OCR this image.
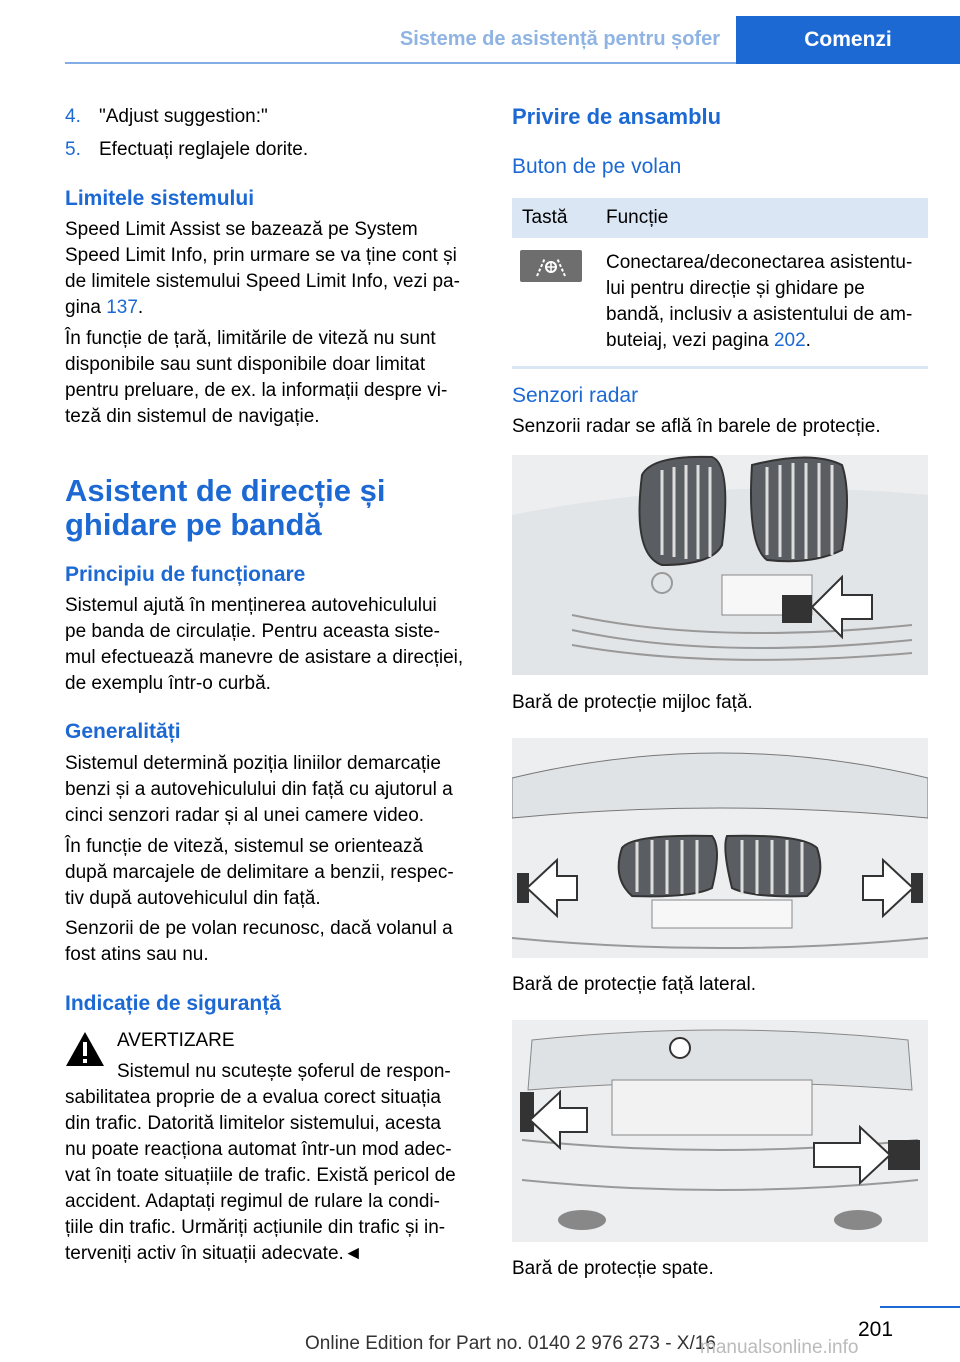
Sisteme de asistență pentru șofer	Comenzi
4. "Adjust suggestion:"
5. Efectuați reglajele dorite.
Limitele sistemului
Speed Limit Assist se bazează pe System
Speed Limit Info, prin urmare se va ține cont și
de limitele sistemului Speed Limit Info, vezi pa‐
gina 137.
În funcție de țară, limitările de viteză nu sunt
disponibile sau sunt disponibile doar limitat
pentru preluare, de ex. la informații despre vi‐
teză din sistemul de navigație.
Asistent de direcție și
ghidare pe bandă
Principiu de funcționare
Sistemul ajută în menținerea autovehiculului
pe banda de circulație. Pentru aceasta siste‐
mul efectuează manevre de asistare a direcției,
de exemplu într-o curbă.
Generalități
Sistemul determină poziția liniilor demarcație
benzi și a autovehiculului din față cu ajutorul a
cinci senzori radar și al unei camere video.
În funcție de viteză, sistemul se orientează
după marcajele de delimitare a benzii, respec‐
tiv după autovehiculul din față.
Senzorii de pe volan recunosc, dacă volanul a
fost atins sau nu.
Indicație de siguranță
AVERTIZARE
Sistemul nu scutește șoferul de respon‐
sabilitatea proprie de a evalua corect situația
din trafic. Datorită limitelor sistemului, acesta
nu poate reacționa automat într-un mod adec‐
vat în toate situațiile de trafic. Există pericol de
accident. Adaptați regimul de rulare la condi‐
țiile din trafic. Urmăriți acțiunile din trafic și in‐
terveniți activ în situații adecvate.◄
Privire de ansamblu
Buton de pe volan
Tastă	Funcție

Conectarea/deconectarea asistentu‐
lui pentru direcție și ghidare pe
bandă, inclusiv a asistentului de am‐
buteiaj, vezi pagina 202.
Senzori radar
Senzorii radar se află în barele de protecție.
Bară de protecție mijloc față.
Bară de protecție față lateral.
Bară de protecție spate.
201
Online Edition for Part no. 0140 2 976 273 - X/16
manualsonline.info
